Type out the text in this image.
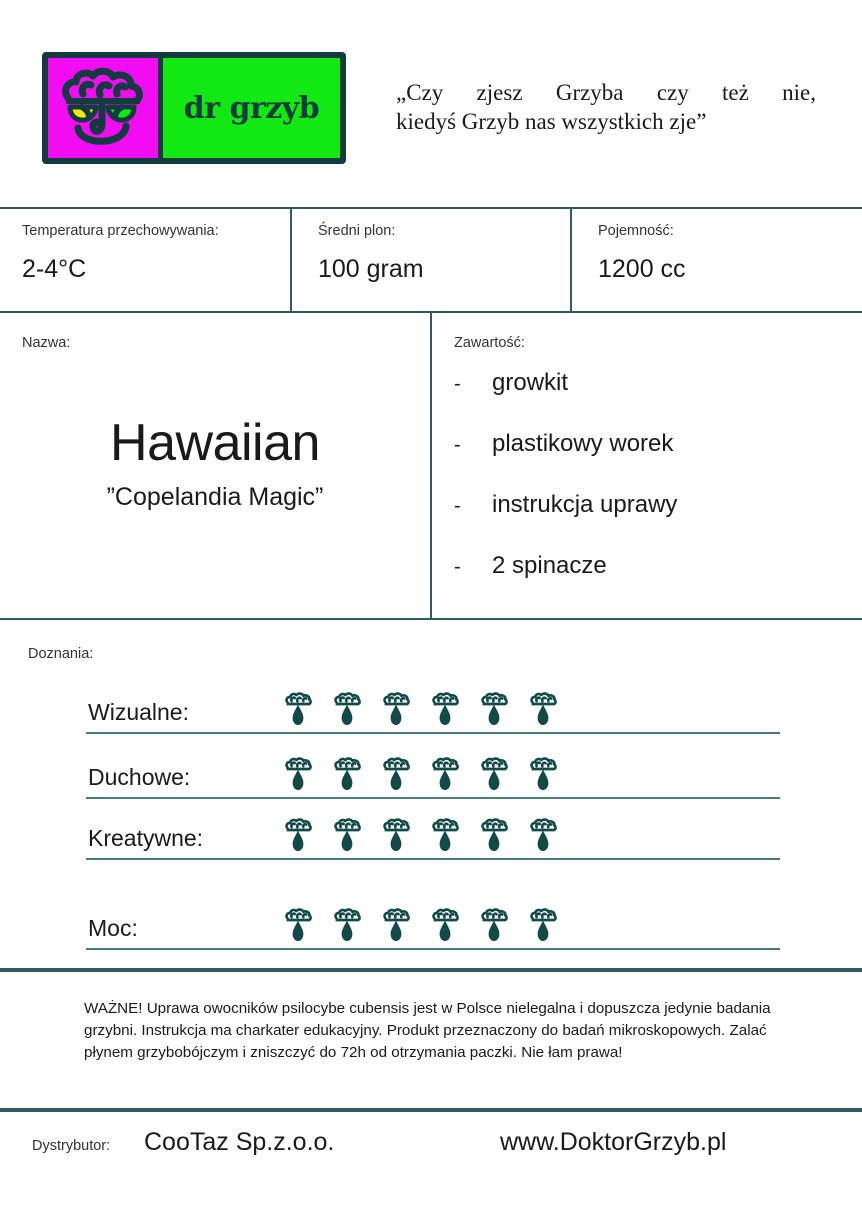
dr grzyb	„Czy zjesz Grzyba czy też nie,
kiedyś Grzyb nas wszystkich zje”
Temperatura przechowywania:
2-4°C
Średni plon:
100 gram
Pojemność:
1200 cc
Nazwa:
Hawaiian
”Copelandia Magic”
Zawartość:
-	growkit
-	plastikowy worek
-	instrukcja uprawy
-	2 spinacze
Doznania:
Wizualne:
Duchowe:
Kreatywne:
Moc:
WAŻNE! Uprawa owocników psilocybe cubensis jest w Polsce nielegalna i dopuszcza jedynie badania grzybni. Instrukcja ma charkater edukacyjny. Produkt przeznaczony do badań mikroskopowych. Zalać płynem grzybobójczym i zniszczyć do 72h od otrzymania paczki. Nie łam prawa!
Dystrybutor: CooTaz Sp.z.o.o.	www.DoktorGrzyb.pl
